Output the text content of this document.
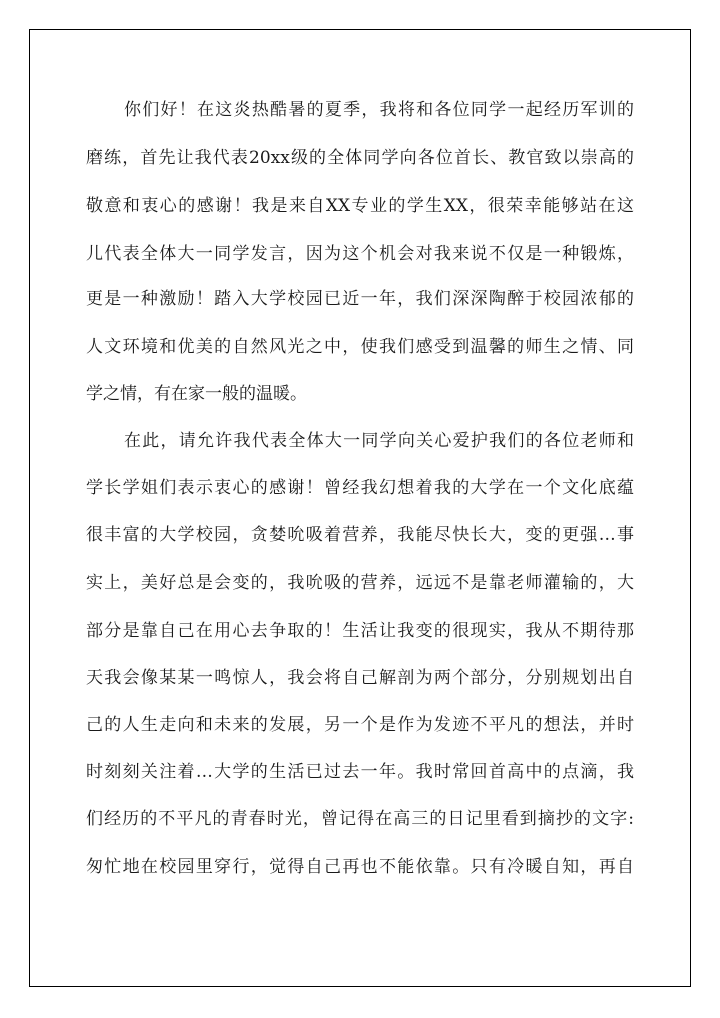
你们好！在这炎热酷暑的夏季，我将和各位同学一起经历军训的
磨练，首先让我代表20xx级的全体同学向各位首长、教官致以崇高的
敬意和衷心的感谢！我是来自XX专业的学生XX，很荣幸能够站在这
儿代表全体大一同学发言，因为这个机会对我来说不仅是一种锻炼，
更是一种激励！踏入大学校园已近一年，我们深深陶醉于校园浓郁的
人文环境和优美的自然风光之中，使我们感受到温馨的师生之情、同
学之情，有在家一般的温暖。
在此，请允许我代表全体大一同学向关心爱护我们的各位老师和
学长学姐们表示衷心的感谢！曾经我幻想着我的大学在一个文化底蕴
很丰富的大学校园，贪婪吮吸着营养，我能尽快长大，变的更强…事
实上，美好总是会变的，我吮吸的营养，远远不是靠老师灌输的，大
部分是靠自己在用心去争取的！生活让我变的很现实，我从不期待那
天我会像某某一鸣惊人，我会将自己解剖为两个部分，分别规划出自
己的人生走向和未来的发展，另一个是作为发迹不平凡的想法，并时
时刻刻关注着…大学的生活已过去一年。我时常回首高中的点滴，我
们经历的不平凡的青春时光，曾记得在高三的日记里看到摘抄的文字:
匆忙地在校园里穿行，觉得自己再也不能依靠。只有冷暖自知，再自
